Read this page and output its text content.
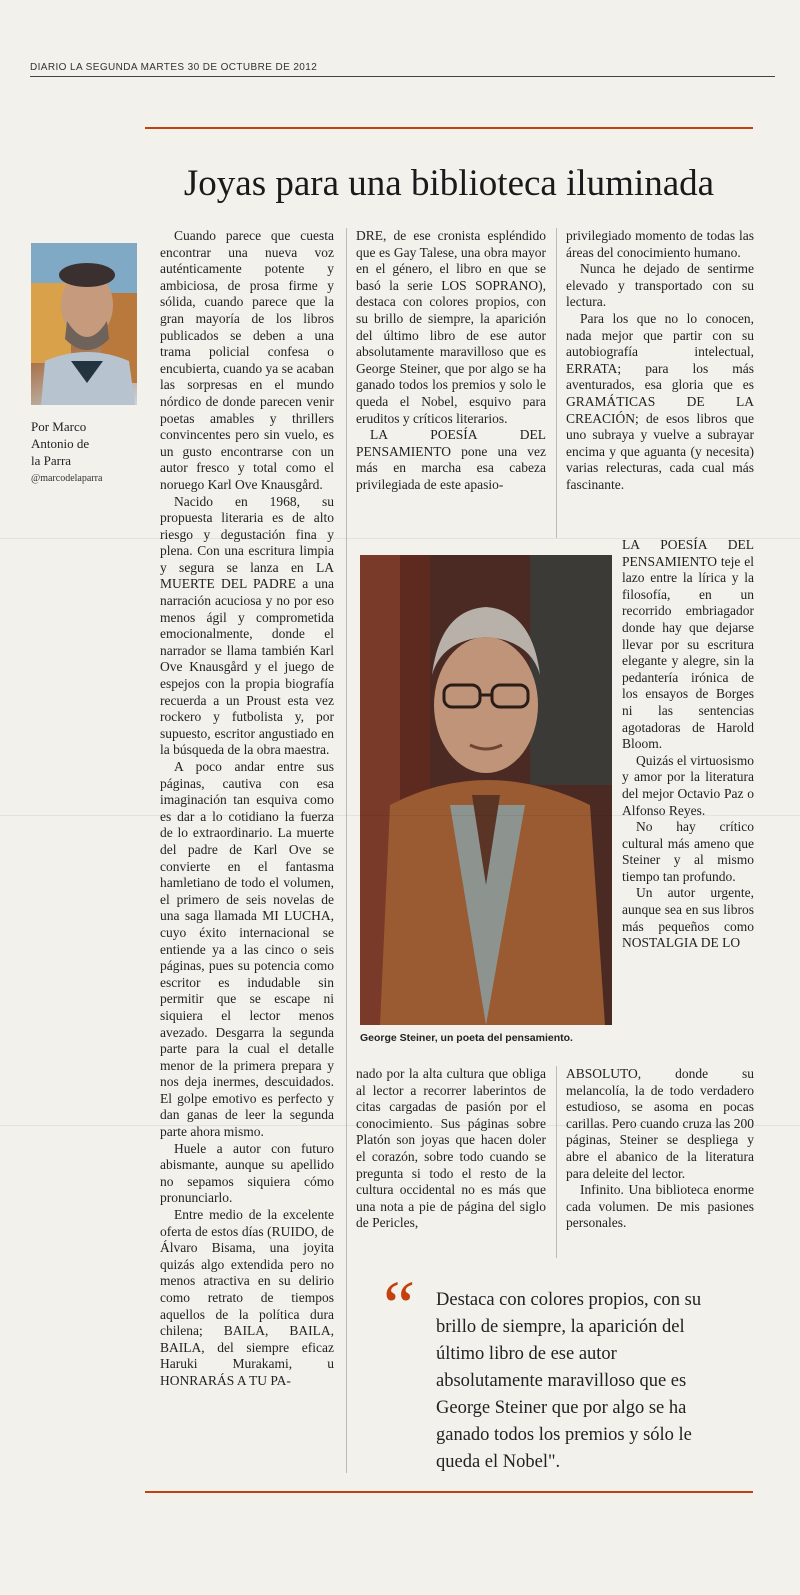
DIARIO LA SEGUNDA MARTES 30 DE OCTUBRE DE 2012
Joyas para una biblioteca iluminada
Por Marco
Antonio de
la Parra
@marcodelaparra

Cuando parece que cuesta encontrar una nueva voz auténticamente potente y ambiciosa, de prosa firme y sólida, cuando parece que la gran mayoría de los libros publicados se deben a una trama policial confesa o encubierta, cuando ya se acaban las sorpresas en el mundo nórdico de donde parecen venir poetas amables y thrillers convincentes pero sin vuelo, es un gusto encontrarse con un autor fresco y total como el noruego Karl Ove Knausgård.

Nacido en 1968, su propuesta literaria es de alto riesgo y degustación fina y plena. Con una escritura limpia y segura se lanza en LA MUERTE DEL PADRE a una narración acuciosa y no por eso menos ágil y comprometida emocionalmente, donde el narrador se llama también Karl Ove Knausgård y el juego de espejos con la propia biografía recuerda a un Proust esta vez rockero y futbolista y, por supuesto, escritor angustiado en la búsqueda de la obra maestra.

A poco andar entre sus páginas, cautiva con esa imaginación tan esquiva como es dar a lo cotidiano la fuerza de lo extraordinario. La muerte del padre de Karl Ove se convierte en el fantasma hamletiano de todo el volumen, el primero de seis novelas de una saga llamada MI LUCHA, cuyo éxito internacional se entiende ya a las cinco o seis páginas, pues su potencia como escritor es indudable sin permitir que se escape ni siquiera el lector menos avezado. Desgarra la segunda parte para la cual el detalle menor de la primera prepara y nos deja inermes, descuidados. El golpe emotivo es perfecto y dan ganas de leer la segunda parte ahora mismo.

Huele a autor con futuro abismante, aunque su apellido no sepamos siquiera cómo pronunciarlo.

Entre medio de la excelente oferta de estos días (RUIDO, de Álvaro Bisama, una joyita quizás algo extendida pero no menos atractiva en su delirio como retrato de tiempos aquellos de la política dura chilena; BAILA, BAILA, BAILA, del siempre eficaz Haruki Murakami, u HONRARÁS A TU PA-

DRE, de ese cronista espléndido que es Gay Talese, una obra mayor en el género, el libro en que se basó la serie LOS SOPRANO), destaca con colores propios, con su brillo de siempre, la aparición del último libro de ese autor absolutamente maravilloso que es George Steiner, que por algo se ha ganado todos los premios y solo le queda el Nobel, esquivo para eruditos y críticos literarios.

LA POESÍA DEL PENSAMIENTO pone una vez más en marcha esa cabeza privilegiada de este apasio-

privilegiado momento de todas las áreas del conocimiento humano.

Nunca he dejado de sentirme elevado y transportado con su lectura.

Para los que no lo conocen, nada mejor que partir con su autobiografía intelectual, ERRATA; para los más aventurados, esa gloria que es GRAMÁTICAS DE LA CREACIÓN; de esos libros que uno subraya y vuelve a subrayar encima y que aguanta (y necesita) varias relecturas, cada cual más fascinante.

George Steiner, un poeta del pensamiento.

LA POESÍA DEL PENSAMIENTO teje el lazo entre la lírica y la filosofía, en un recorrido embriagador donde hay que dejarse llevar por su escritura elegante y alegre, sin la pedantería irónica de los ensayos de Borges ni las sentencias agotadoras de Harold Bloom.

Quizás el virtuosismo y amor por la literatura del mejor Octavio Paz o Alfonso Reyes.

No hay crítico cultural más ameno que Steiner y al mismo tiempo tan profundo.

Un autor urgente, aunque sea en sus libros más pequeños como NOSTALGIA DE LO

nado por la alta cultura que obliga al lector a recorrer laberintos de citas cargadas de pasión por el conocimiento. Sus páginas sobre Platón son joyas que hacen doler el corazón, sobre todo cuando se pregunta si todo el resto de la cultura occidental no es más que una nota a pie de página del siglo de Pericles,

ABSOLUTO, donde su melancolía, la de todo verdadero estudioso, se asoma en pocas carillas. Pero cuando cruza las 200 páginas, Steiner se despliega y abre el abanico de la literatura para deleite del lector.

Infinito. Una biblioteca enorme cada volumen. De mis pasiones personales.

“ Destaca con colores propios, con su
brillo de siempre, la aparición del
último libro de ese autor
absolutamente maravilloso que es
George Steiner que por algo se ha
ganado todos los premios y sólo le
queda el Nobel".
